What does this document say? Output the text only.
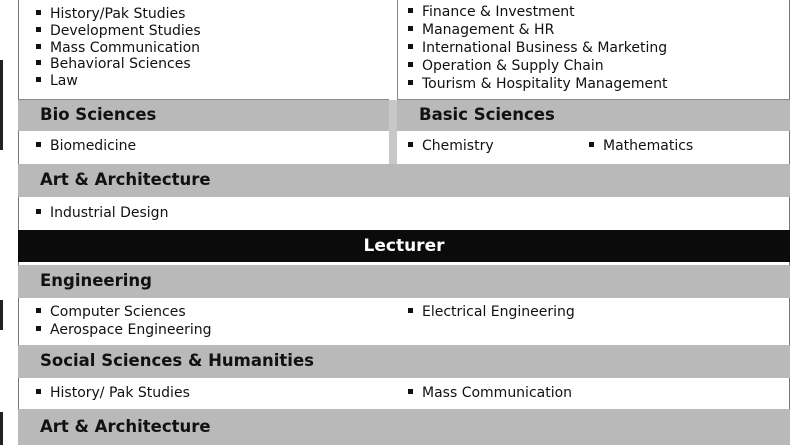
History/Pak Studies
Development Studies
Mass Communication
Behavioral Sciences
Law
Finance & Investment
Management & HR
International Business & Marketing
Operation & Supply Chain
Tourism & Hospitality Management
Bio Sciences	Basic Sciences
Biomedicine	Chemistry	Mathematics
Art & Architecture
Industrial Design
Lecturer
Engineering
Computer Sciences	Electrical Engineering
Aerospace Engineering
Social Sciences & Humanities
History/ Pak Studies	Mass Communication
Art & Architecture
